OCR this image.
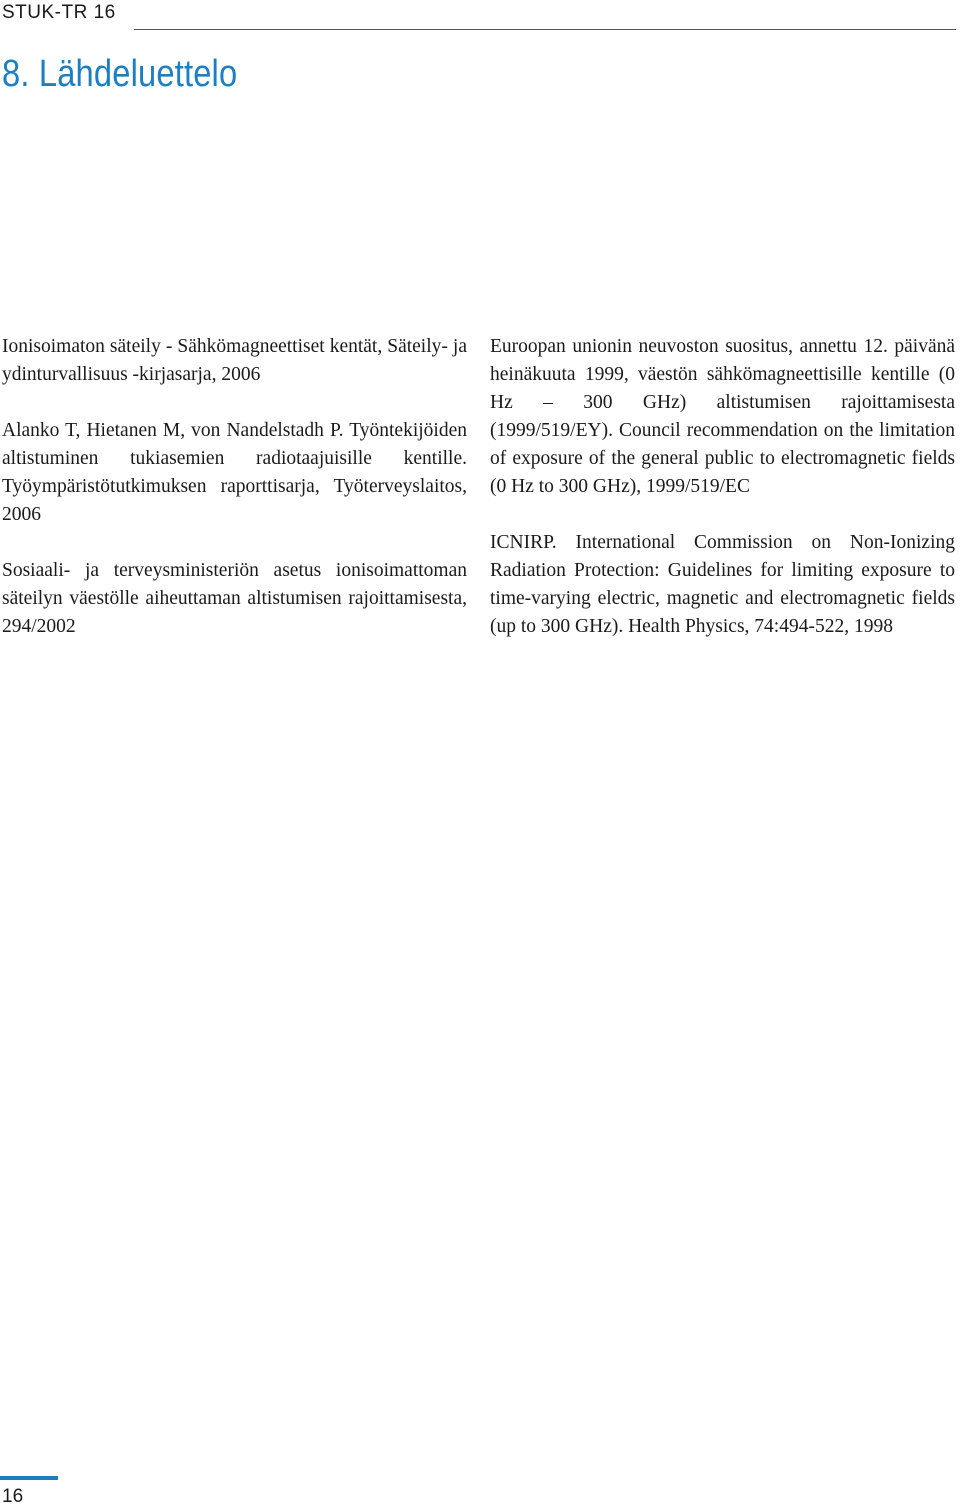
STUK-TR 16
8. Lähdeluettelo

Ionisoimaton säteily - Sähkömagneettiset kentät, Säteily- ja ydinturvallisuus -kirjasarja, 2006

Alanko T, Hietanen M, von Nandelstadh P. Työntekijöiden altistuminen tukiasemien radiotaajuisille kentille. Työympäristötutkimuksen raporttisarja, Työterveyslaitos, 2006

Sosiaali- ja terveysministeriön asetus ionisoimattoman säteilyn väestölle aiheuttaman altistumisen rajoittamisesta, 294/2002

Euroopan unionin neuvoston suositus, annettu 12. päivänä heinäkuuta 1999, väestön sähkömagneettisille kentille (0 Hz – 300 GHz) altistumisen rajoittamisesta (1999/519/EY). Council recommendation on the limitation of exposure of the general public to electromagnetic fields (0 Hz to 300 GHz), 1999/519/EC

ICNIRP. International Commission on Non-Ionizing Radiation Protection: Guidelines for limiting exposure to time-varying electric, magnetic and electromagnetic fields (up to 300 GHz). Health Physics, 74:494-522, 1998

16
